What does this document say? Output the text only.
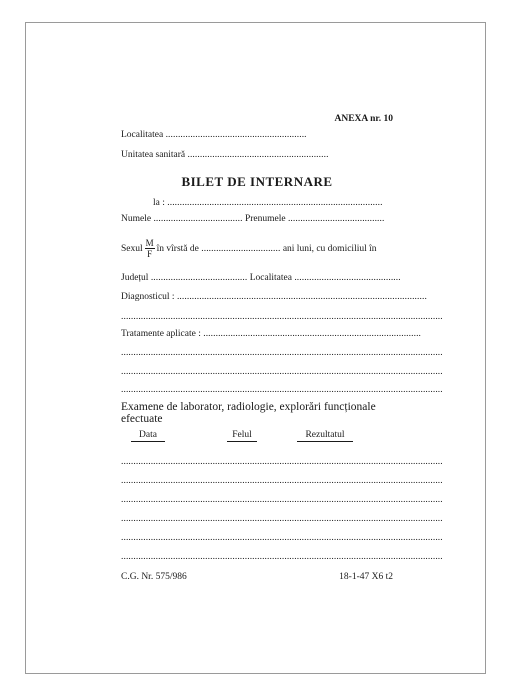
ANEXA nr. 10
Localitatea .........................................................
Unitatea sanitară .........................................................
BILET DE INTERNARE
la : .......................................................................................
Numele .................................... Prenumele .......................................
Sexul $\frac{M}{F}$ în vîrstă de ................................ ani luni, cu domiciliul în
Județul ....................................... Localitatea ...........................................
Diagnosticul : .....................................................................................................
..................................................................................................................................
Tratamente aplicate : ........................................................................................
..................................................................................................................................
..................................................................................................................................
..................................................................................................................................
Examene de laborator, radiologie, explorări funcționale efectuate
Data	Felul	Rezultatul
..................................................................................................................................
..................................................................................................................................
..................................................................................................................................
..................................................................................................................................
..................................................................................................................................
..................................................................................................................................
C.G. Nr. 575/986	18-1-47 X6 t2
